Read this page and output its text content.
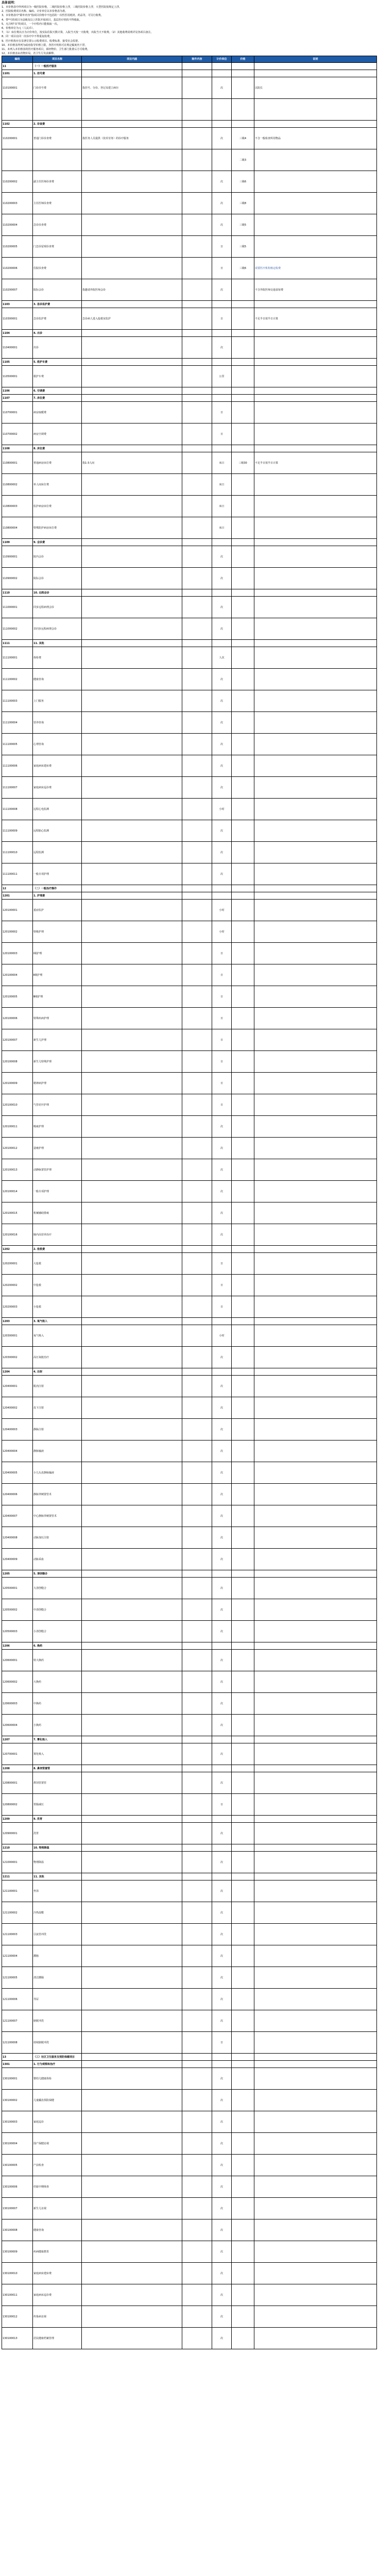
具体说明：
1、本价格表中所列项目为一级医院价格，二级医院价格上浮，三级医院价格上浮，大型医院按规定上浮。
2、医院收费项目名称、编码、计价单位以本价格表为准。
3、本价格表中"除外内容"指项目价格中不包括的一次性医用耗材、药品等，可另行收费。
4、带*号的项目为县级及以上医院开展项目，基层医疗机构不得收取。
5、凡注明"次"的项目，一个疗程内只能收取一次。
6、价格单位为元（人民币）。
7、（1）床位费以日为计价单位，按实际住院天数计算，入院当天按一天收费，出院当天不收费。（2）其他收费说明详见各项目备注。
8、同一项目在同一次诊疗中不得重复收费。
9、医疗机构应在显著位置公示收费项目、收费标准，接受社会监督。
10、本价格表所列为政府指导价格上限，各医疗机构可在规定幅度内下浮。
11、未列入本价格表的医疗服务项目，须经物价、卫生部门批准后方可收费。
12、本价格表由省物价局、省卫生厅负责解释。
编码	项目名称	项目内涵	除外内容	计价单位	价格	说明
11	（一）一般医疗服务					
1101	1. 挂号费					
110100001	门诊挂号费	指挂号、分诊、登记及建立病历		次		以院长

1102	2. 诊查费					
110200001	普通门诊诊查费	指医务人员提供（技术劳务）的诊疗服务		次	三级4	不含一般检查所用物品
					二级3	
110200002	副主任医师诊查费			次	三级6	
110200003	主任医师诊查费			次	三级8	
110200004	急诊诊查费			次	三级5	
110200005	门急诊留观诊查费			日	三级5	
110200006	住院诊查费			日	三级6	需要医疗机构核定收费
110200007	院际会诊	指邀请外院医师会诊		次		不含外院医师交通食宿费
1103	3. 急诊监护费					
110300001	急诊监护费	急诊病人进入抢救室监护		日		不足半日按半日计算
1104	4. 出诊					
110400001	出诊			次		
1105	5. 救护车费					
110500001	救护车费			公里		
1106	6. 空调费					
1107	7. 床位费					
110700001	病房取暖费			日		
110700002	病房空调费			日		
1108	8. 床位费					
110800001	普通病房床位费	指1-3人间		床日	三级30	不足半日按半日计算
110800002	单人间床位费			床日		
110800003	监护病房床位费			床日		
110800004	特殊防护病房床位费			床日		
1109	9. 会诊费					
110900001	院内会诊			次		
110900002	院际会诊			次		
1110	10. 远程会诊					
111000001	同步远程病理会诊			次		
111000002	非同步远程病理会诊			次		
1111	11. 其他					
111100001	体检费			人次		
111100002	健康咨询			次		
111100003	上门服务			次		
111100004	营养咨询			次		
111100005	心理咨询			次		
111100006	家庭病床建床费			次		
111100007	家庭病床巡诊费			次		
111100008	远程心电监测			小时		
111100009	远程胎心监测			次		
111100010	远程监测			次		
111100011	一般专项护理			次		
12	（二）一般治疗操作					
1201	1. 护理费					
120100001	重症监护			小时		
120100002	特级护理			小时		
120100003	Ⅰ级护理			日		
120100004	Ⅱ级护理			日		
120100005	Ⅲ级护理			日		
120100006	特殊疾病护理			日		
120100007	新生儿护理			日		
120100008	新生儿特殊护理			日		
120100009	精神病护理			日		
120100010	气管切开护理			日		
120100011	吸痰护理			次		
120100012	造瘘护理			次		
120100013	动静脉置管护理			次		
120100014	一般专项护理			次		
120100015	机械辅助排痰			次		
120100016	肠内高营养治疗			次		
1202	2. 抢救费					
120200001	大抢救			日		
120200002	中抢救			日		
120200003	小抢救			日		
1203	3. 氧气吸入					
120300001	氧气吸入			小时		
120300002	高压氧舱治疗			次		
1204	4. 注射					
120400001	肌肉注射			次		
120400002	皮下注射			次		
120400003	静脉注射			次		
120400004	静脉输液			次		
120400005	小儿头皮静脉输液			次		
120400006	静脉穿刺置管术			次		
120400007	中心静脉穿刺置管术			次		
120400008	动脉加压注射			次		
120400009	动脉采血			次		
1205	5. 清创缝合					
120500001	大清创缝合			次		
120500002	中清创缝合			次		
120500003	小清创缝合			次		
1206	6. 换药					
120600001	特大换药			次		
120600002	大换药			次		
120600003	中换药			次		
120600004	小换药			次		
1207	7. 雾化吸入					
120700001	雾化吸入			次		
1208	8. 鼻饲管置管					
120800001	鼻饲管置管			次		
120800002	胃肠减压			日		
1209	9. 洗胃					
120900001	洗胃			次		
1210	10. 物理降温					
121000001	物理降温			次		
1211	11. 其他					
121100001	坐浴			次		
121100002	冷热湿敷			次		
121100003	引流管冲洗			次		
121100004	灌肠			次		
121100005	清洁灌肠			次		
121100006	导尿			次		
121100007	膀胱冲洗			次		
121100008	持续膀胱冲洗			日		
13	（三）社区卫生服务及预防保健项目					
1301	1. 行为观察和治疗					
130100001	婴幼儿健康体检			次		
130100002	儿童龋齿预防保健			次		
130100003	家庭巡诊			次		
130100004	围产保健访视			次		
130100005	产前检查			次		
130100006	妊娠中期筛查			次		
130100007	新生儿访视			次		
130100008	健康咨询			次		
130100009	疾病健康教育			次		
130100010	家庭病床建床费			次		
130100011	家庭病床巡诊费			次		
130100012	传染病访视			次		
130100013	居民健康档案管理			次		
